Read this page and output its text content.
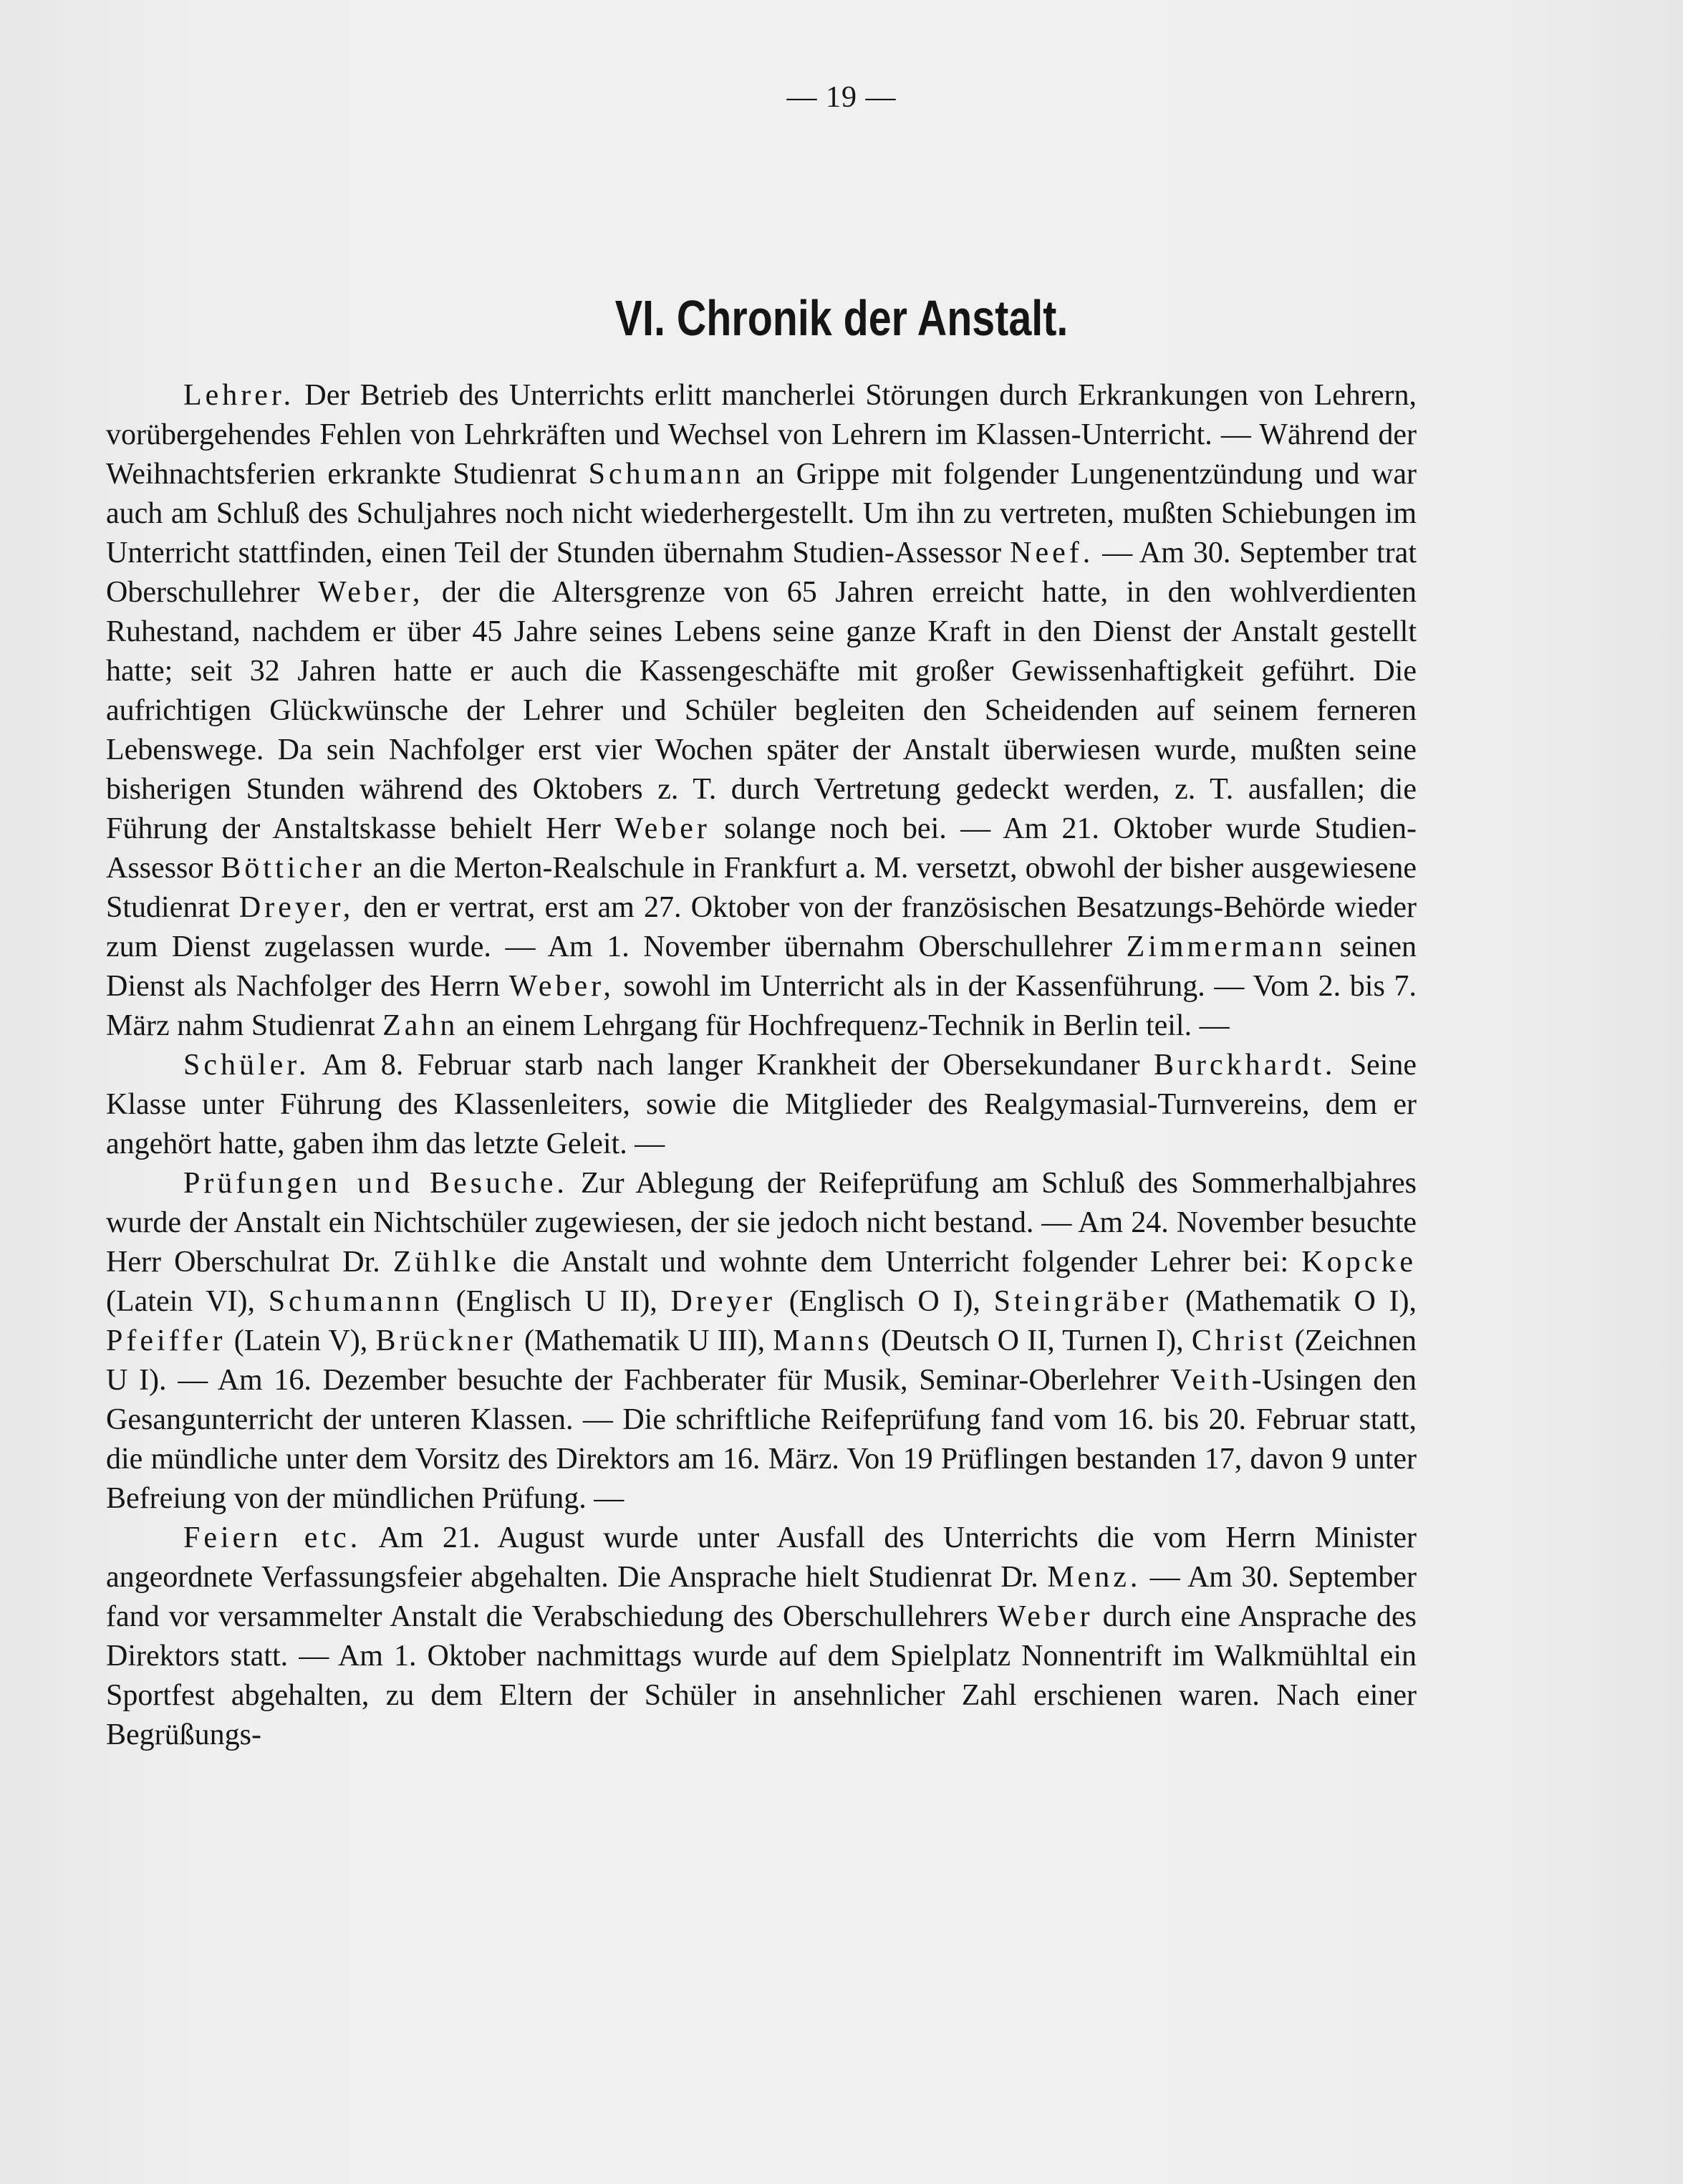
— 19 —
VI. Chronik der Anstalt.

Lehrer. Der Betrieb des Unterrichts erlitt mancherlei Störungen durch Erkrankungen von Lehrern, vorübergehendes Fehlen von Lehrkräften und Wechsel von Lehrern im Klassen-Unterricht. — Während der Weihnachtsferien erkrankte Studienrat Schumann an Grippe mit folgender Lungenentzündung und war auch am Schluß des Schuljahres noch nicht wiederhergestellt. Um ihn zu vertreten, mußten Schiebungen im Unterricht stattfinden, einen Teil der Stunden übernahm Studien-Assessor Neef. — Am 30. September trat Oberschullehrer Weber, der die Altersgrenze von 65 Jahren erreicht hatte, in den wohlverdienten Ruhestand, nachdem er über 45 Jahre seines Lebens seine ganze Kraft in den Dienst der Anstalt gestellt hatte; seit 32 Jahren hatte er auch die Kassengeschäfte mit großer Gewissenhaftigkeit geführt. Die aufrichtigen Glückwünsche der Lehrer und Schüler begleiten den Scheidenden auf seinem ferneren Lebenswege. Da sein Nachfolger erst vier Wochen später der Anstalt überwiesen wurde, mußten seine bisherigen Stunden während des Oktobers z. T. durch Vertretung gedeckt werden, z. T. ausfallen; die Führung der Anstaltskasse behielt Herr Weber solange noch bei. — Am 21. Oktober wurde Studien-Assessor Bötticher an die Merton-Realschule in Frankfurt a. M. versetzt, obwohl der bisher ausgewiesene Studienrat Dreyer, den er vertrat, erst am 27. Oktober von der französischen Besatzungs-Behörde wieder zum Dienst zugelassen wurde. — Am 1. November übernahm Oberschullehrer Zimmermann seinen Dienst als Nachfolger des Herrn Weber, sowohl im Unterricht als in der Kassenführung. — Vom 2. bis 7. März nahm Studienrat Zahn an einem Lehrgang für Hochfrequenz-Technik in Berlin teil. —

Schüler. Am 8. Februar starb nach langer Krankheit der Obersekundaner Burckhardt. Seine Klasse unter Führung des Klassenleiters, sowie die Mitglieder des Realgymasial-Turnvereins, dem er angehört hatte, gaben ihm das letzte Geleit. —

Prüfungen und Besuche. Zur Ablegung der Reifeprüfung am Schluß des Sommerhalbjahres wurde der Anstalt ein Nichtschüler zugewiesen, der sie jedoch nicht bestand. — Am 24. November besuchte Herr Oberschulrat Dr. Zühlke die Anstalt und wohnte dem Unterricht folgender Lehrer bei: Kopcke (Latein VI), Schumannn (Englisch U II), Dreyer (Englisch O I), Steingräber (Mathematik O I), Pfeiffer (Latein V), Brückner (Mathematik U III), Manns (Deutsch O II, Turnen I), Christ (Zeichnen U I). — Am 16. Dezember besuchte der Fachberater für Musik, Seminar-Oberlehrer Veith-Usingen den Gesangunterricht der unteren Klassen. — Die schriftliche Reifeprüfung fand vom 16. bis 20. Februar statt, die mündliche unter dem Vorsitz des Direktors am 16. März. Von 19 Prüflingen bestanden 17, davon 9 unter Befreiung von der mündlichen Prüfung. —

Feiern etc. Am 21. August wurde unter Ausfall des Unterrichts die vom Herrn Minister angeordnete Verfassungsfeier abgehalten. Die Ansprache hielt Studienrat Dr. Menz. — Am 30. September fand vor versammelter Anstalt die Verabschiedung des Oberschullehrers Weber durch eine Ansprache des Direktors statt. — Am 1. Oktober nachmittags wurde auf dem Spielplatz Nonnentrift im Walkmühltal ein Sportfest abgehalten, zu dem Eltern der Schüler in ansehnlicher Zahl erschienen waren. Nach einer Begrüßungs-
